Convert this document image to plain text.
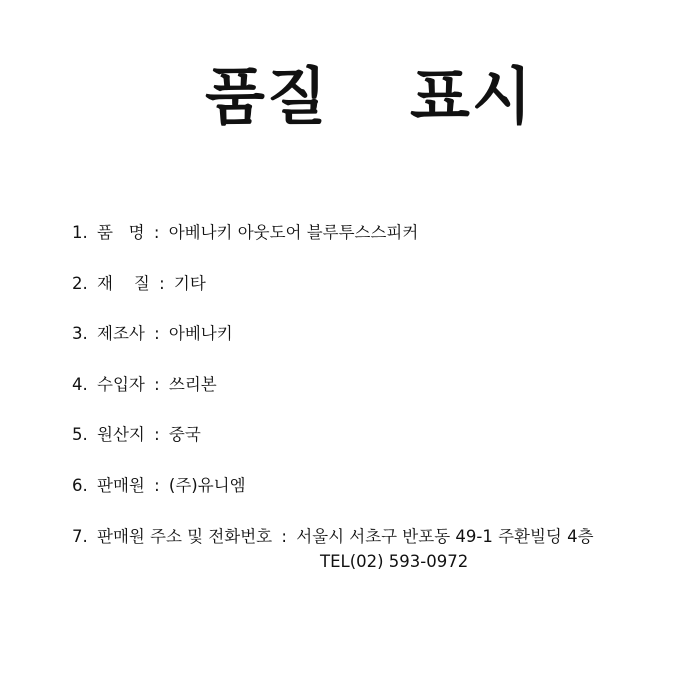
품질 표시
1. 품   명 : 아베나키 아웃도어 블루투스스피커
2. 재    질 : 기타
3. 제조사 : 아베나키
4. 수입자 : 쓰리본
5. 원산지 : 중국
6. 판매원 : (주)유니엠
7. 판매원 주소 및 전화번호 : 서울시 서초구 반포동 49-1 주환빌딩 4층
TEL(02) 593-0972
